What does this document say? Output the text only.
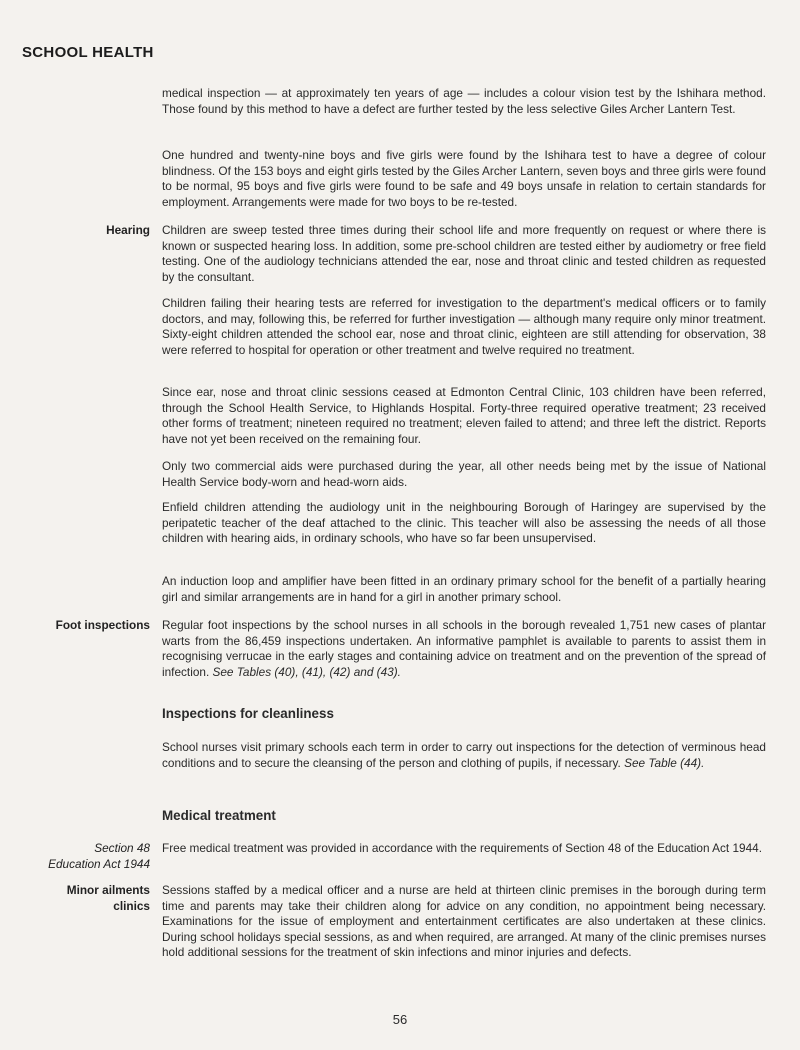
SCHOOL HEALTH
medical inspection — at approximately ten years of age — includes a colour vision test by the Ishihara method. Those found by this method to have a defect are further tested by the less selective Giles Archer Lantern Test.
One hundred and twenty-nine boys and five girls were found by the Ishihara test to have a degree of colour blindness. Of the 153 boys and eight girls tested by the Giles Archer Lantern, seven boys and three girls were found to be normal, 95 boys and five girls were found to be safe and 49 boys unsafe in relation to certain standards for employment. Arrangements were made for two boys to be re-tested.
Hearing Children are sweep tested three times during their school life and more frequently on request or where there is known or suspected hearing loss. In addition, some pre-school children are tested either by audiometry or free field testing. One of the audiology technicians attended the ear, nose and throat clinic and tested children as requested by the consultant.
Children failing their hearing tests are referred for investigation to the department's medical officers or to family doctors, and may, following this, be referred for further investigation — although many require only minor treatment. Sixty-eight children attended the school ear, nose and throat clinic, eighteen are still attending for observation, 38 were referred to hospital for operation or other treatment and twelve required no treatment.
Since ear, nose and throat clinic sessions ceased at Edmonton Central Clinic, 103 children have been referred, through the School Health Service, to Highlands Hospital. Forty-three required operative treatment; 23 received other forms of treatment; nineteen required no treatment; eleven failed to attend; and three left the district. Reports have not yet been received on the remaining four.
Only two commercial aids were purchased during the year, all other needs being met by the issue of National Health Service body-worn and head-worn aids.
Enfield children attending the audiology unit in the neighbouring Borough of Haringey are supervised by the peripatetic teacher of the deaf attached to the clinic. This teacher will also be assessing the needs of all those children with hearing aids, in ordinary schools, who have so far been unsupervised.
An induction loop and amplifier have been fitted in an ordinary primary school for the benefit of a partially hearing girl and similar arrangements are in hand for a girl in another primary school.
Foot inspections Regular foot inspections by the school nurses in all schools in the borough revealed 1,751 new cases of plantar warts from the 86,459 inspections undertaken. An informative pamphlet is available to parents to assist them in recognising verrucae in the early stages and containing advice on treatment and on the prevention of the spread of infection. See Tables (40), (41), (42) and (43).
Inspections for cleanliness
School nurses visit primary schools each term in order to carry out inspections for the detection of verminous head conditions and to secure the cleansing of the person and clothing of pupils, if necessary. See Table (44).
Medical treatment
Section 48
Education Act 1944
Free medical treatment was provided in accordance with the requirements of Section 48 of the Education Act 1944.
Minor ailments
clinics
Sessions staffed by a medical officer and a nurse are held at thirteen clinic premises in the borough during term time and parents may take their children along for advice on any condition, no appointment being necessary. Examinations for the issue of employment and entertainment certificates are also undertaken at these clinics. During school holidays special sessions, as and when required, are arranged. At many of the clinic premises nurses hold additional sessions for the treatment of skin infections and minor injuries and defects.
56
